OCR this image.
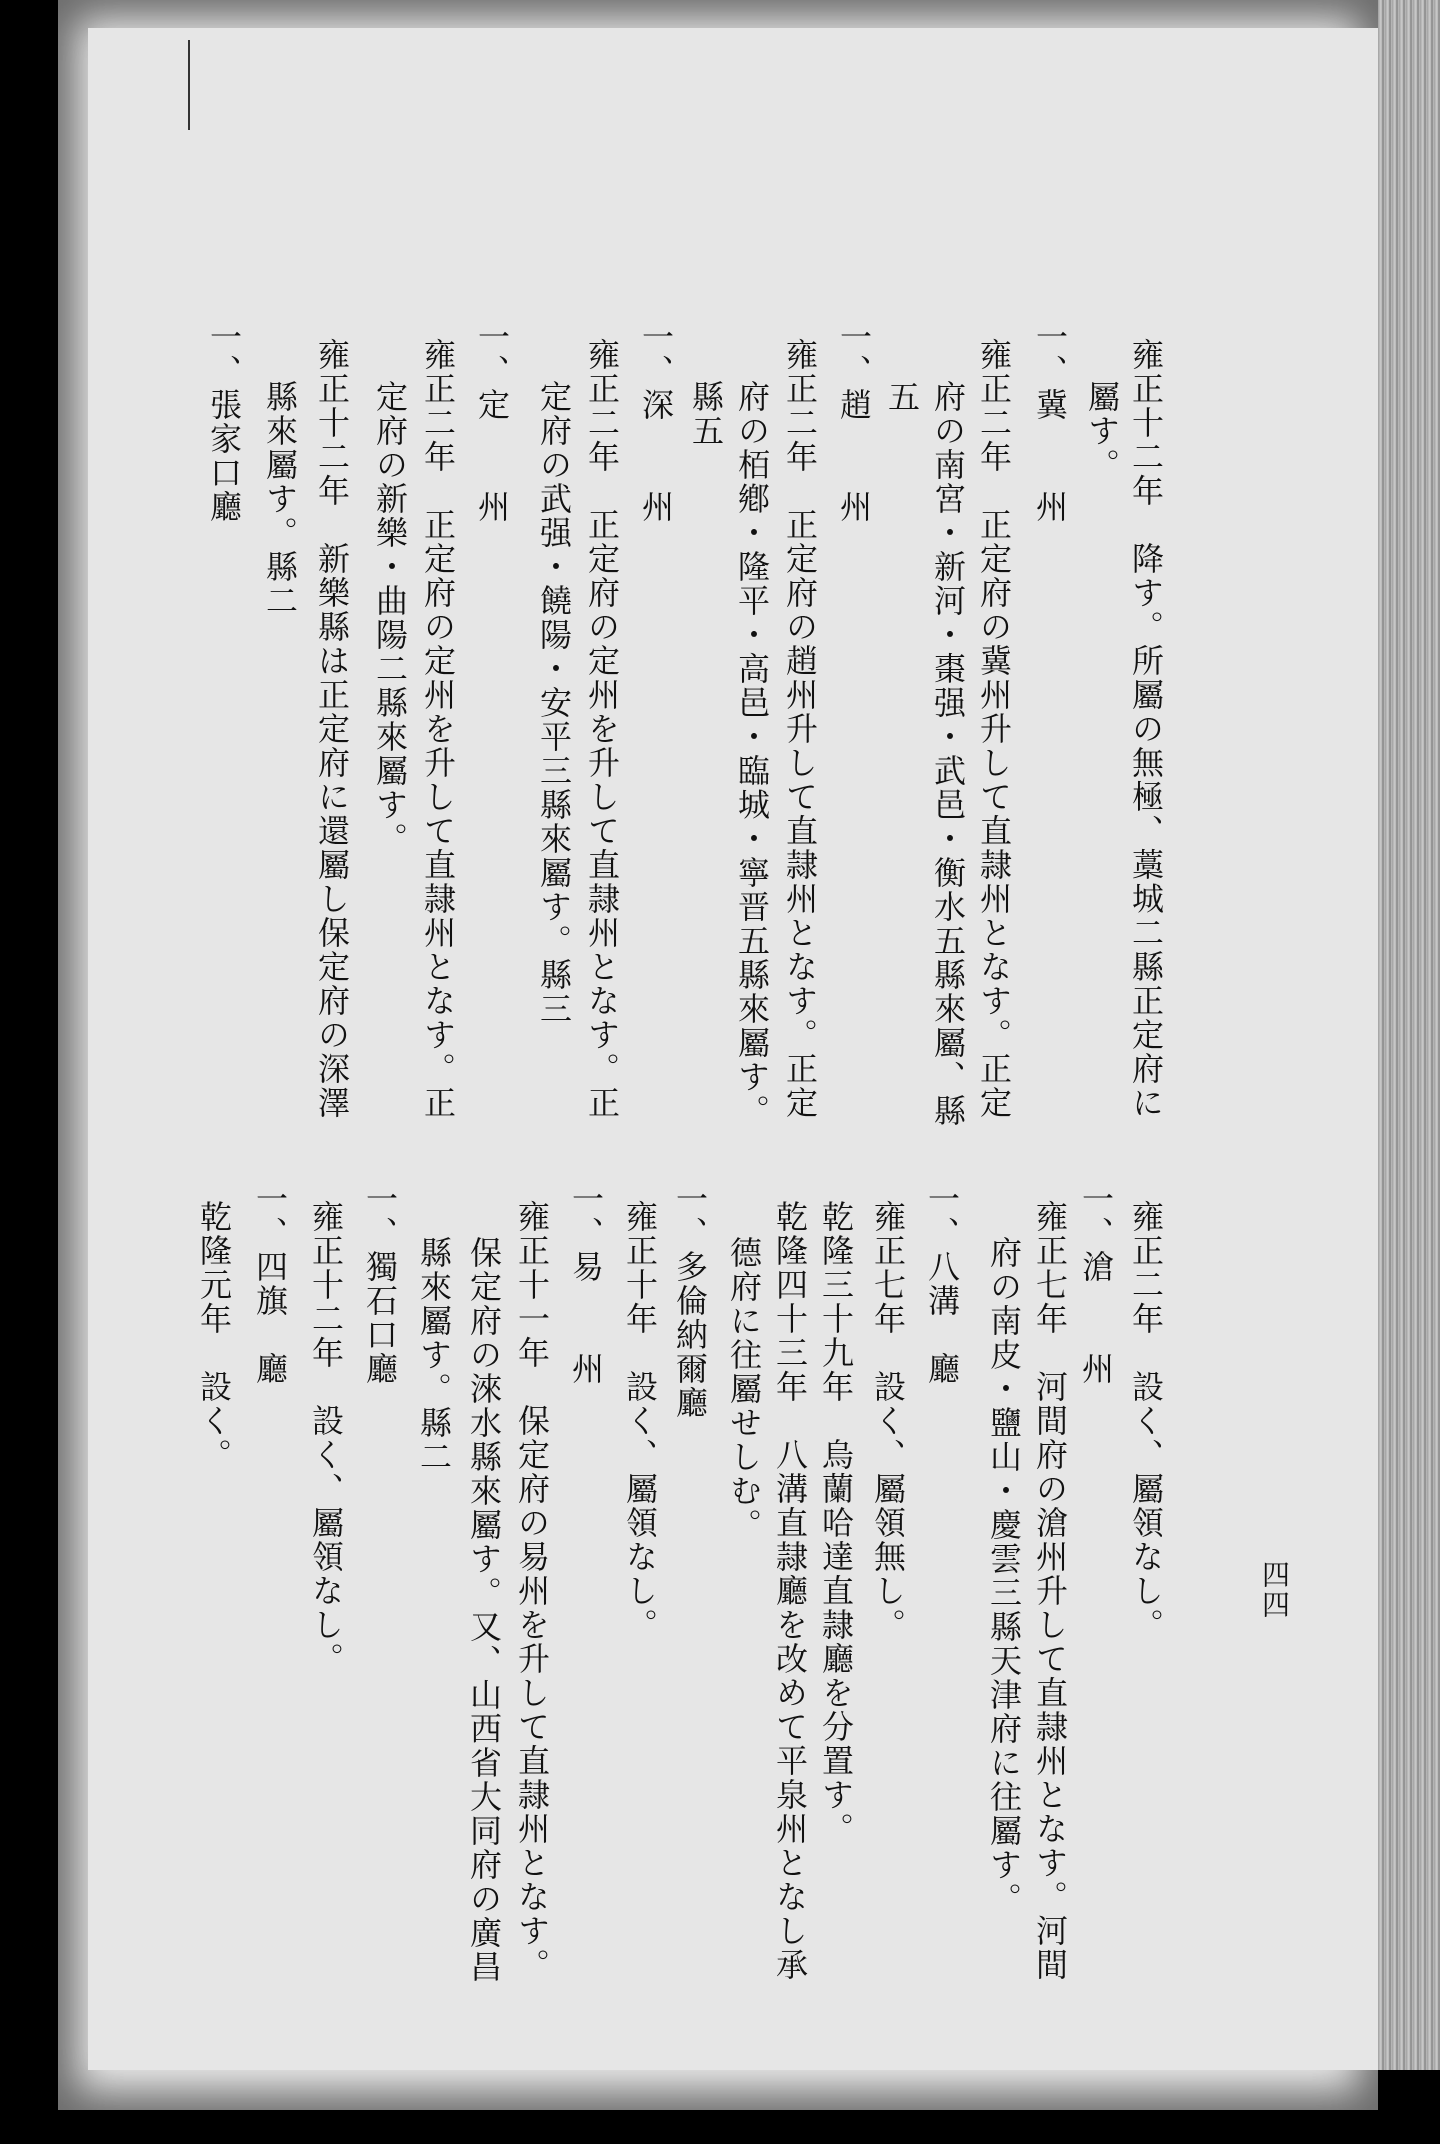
四四
雍正十二年　降す。所屬の無極、藁城二縣正定府に
屬す。
一、冀　　州
雍正二年　正定府の冀州升して直隷州となす。正定
府の南宮・新河・棗强・武邑・衡水五縣來屬、縣
五
一、趙　　州
雍正二年　正定府の趙州升して直隷州となす。正定
府の栢鄕・隆平・高邑・臨城・寧晋五縣來屬す。
縣五
一、深　　州
雍正二年　正定府の定州を升して直隷州となす。正
定府の武强・饒陽・安平三縣來屬す。縣三
一、定　　州
雍正二年　正定府の定州を升して直隷州となす。正
定府の新樂・曲陽二縣來屬す。
雍正十二年　新樂縣は正定府に還屬し保定府の深澤
縣來屬す。縣二
一、張家口廳
雍正二年　設く、屬領なし。
一、滄　　州
雍正七年　河間府の滄州升して直隷州となす。河間
府の南皮・鹽山・慶雲三縣天津府に往屬す。
一、八溝　廳
雍正七年　設く、屬領無し。
乾隆三十九年　烏蘭哈達直隷廳を分置す。
乾隆四十三年　八溝直隷廳を改めて平泉州となし承
德府に往屬せしむ。
一、多倫納爾廳
雍正十年　設く、屬領なし。
一、易　　州
雍正十一年　保定府の易州を升して直隷州となす。
保定府の淶水縣來屬す。又、山西省大同府の廣昌
縣來屬す。縣二
一、獨石口廳
雍正十二年　設く、屬領なし。
一、四旗　廳
乾隆元年　設く。
